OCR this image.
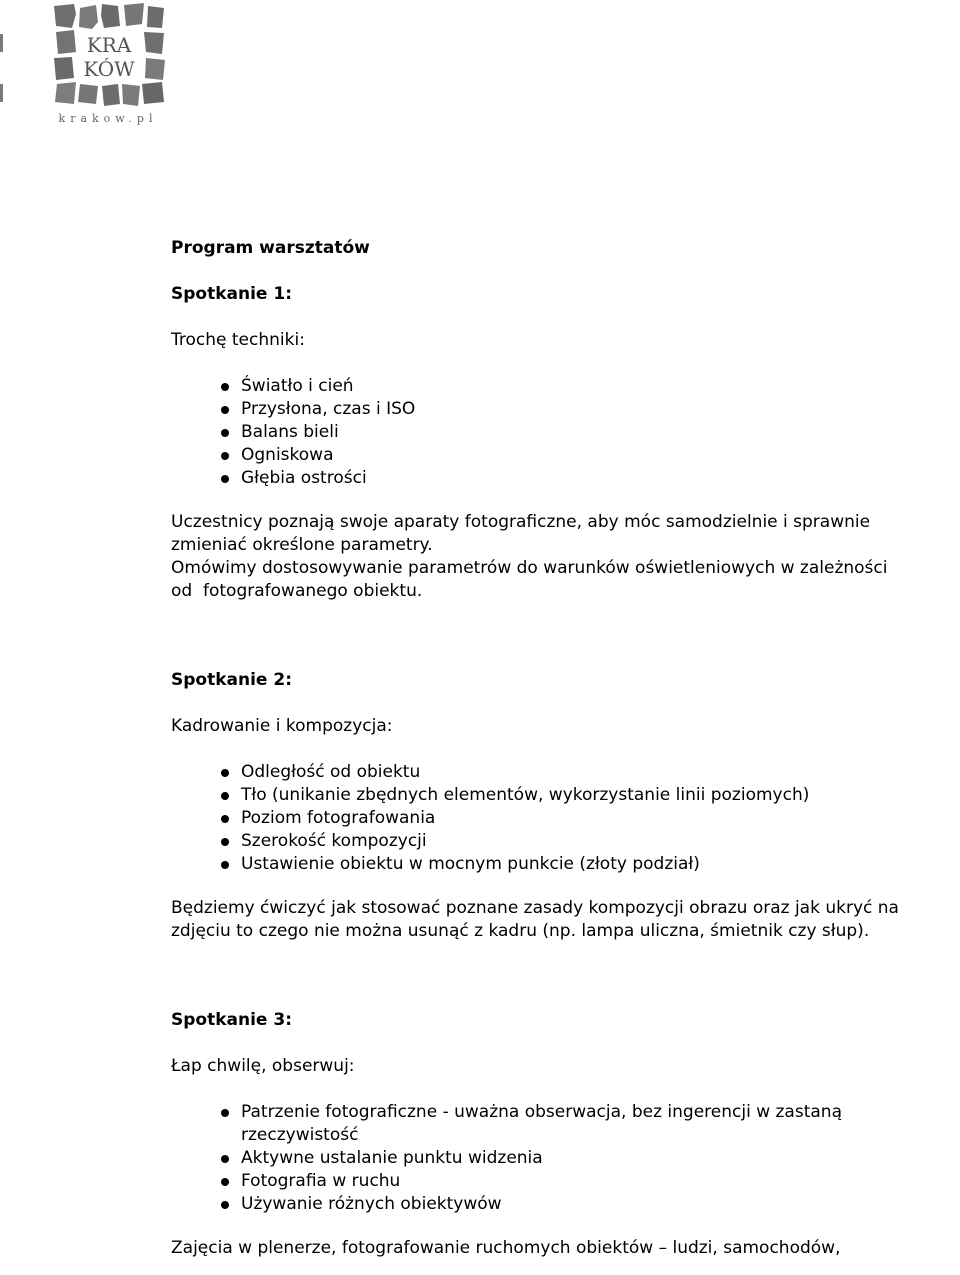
KRA
KÓW
krakow.pl

Program warsztatów

Spotkanie 1:

Trochę techniki:

Światło i cień
Przysłona, czas i ISO
Balans bieli
Ogniskowa
Głębia ostrości
Uczestnicy poznają swoje aparaty fotograficzne, aby móc samodzielnie i sprawnie
zmieniać określone parametry.
Omówimy dostosowywanie parametrów do warunków oświetleniowych w zależności
od  fotografowanego obiektu.

Spotkanie 2:

Kadrowanie i kompozycja:

Odległość od obiektu
Tło (unikanie zbędnych elementów, wykorzystanie linii poziomych)
Poziom fotografowania
Szerokość kompozycji
Ustawienie obiektu w mocnym punkcie (złoty podział)
Będziemy ćwiczyć jak stosować poznane zasady kompozycji obrazu oraz jak ukryć na
zdjęciu to czego nie można usunąć z kadru (np. lampa uliczna, śmietnik czy słup).

Spotkanie 3:

Łap chwilę, obserwuj:

Patrzenie fotograficzne - uważna obserwacja, bez ingerencji w zastaną rzeczywistość
Aktywne ustalanie punktu widzenia
Fotografia w ruchu
Używanie różnych obiektywów
Zajęcia w plenerze, fotografowanie ruchomych obiektów – ludzi, samochodów,
